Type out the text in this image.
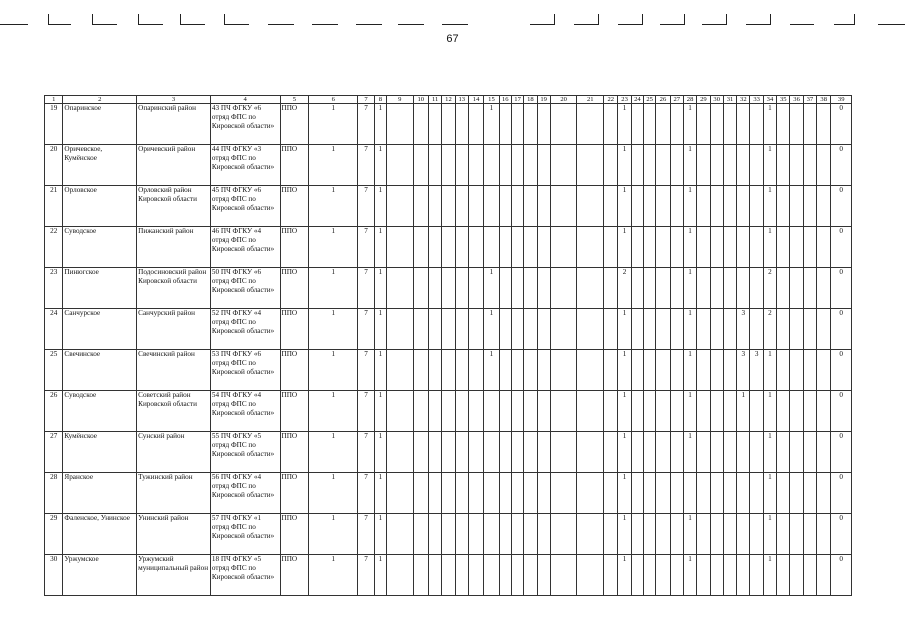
67
1	2	3	4	5	6	7	8	9	10	11	12	13	14	15	16	17	18	19	20	21	22	23	24	25	26	27	28	29	30	31	32	33	34	35	36	37	38	39
19	Опаринское	Опаринский район	43 ПЧ ФГКУ «6 отряд ФПС по Кировской области»	ППО	1	7	1							1								1					1						1					0
20	Оричевское, Кумёнское	Оричевский район	44 ПЧ ФГКУ «3 отряд ФПС по Кировской области»	ППО	1	7	1															1					1						1					0
21	Орловское	Орловский район Кировской области	45 ПЧ ФГКУ «6 отряд ФПС по Кировской области»	ППО	1	7	1															1					1						1					0
22	Суводское	Пижанский район	46 ПЧ ФГКУ «4 отряд ФПС по Кировской области»	ППО	1	7	1															1					1						1					0
23	Пинюгское	Подосиновский район Кировской области	50 ПЧ ФГКУ «6 отряд ФПС по Кировской области»	ППО	1	7	1							1								2					1						2					0
24	Санчурское	Санчурский район	52 ПЧ ФГКУ «4 отряд ФПС по Кировской области»	ППО	1	7	1							1								1					1				3		2					0
25	Свечинское	Свечинский район	53 ПЧ ФГКУ «6 отряд ФПС по Кировской области»	ППО	1	7	1							1								1					1				3	3	1					0
26	Суводское	Советский район Кировской области	54 ПЧ ФГКУ «4 отряд ФПС по Кировской области»	ППО	1	7	1															1					1				1		1					0
27	Кумёнское	Сунский район	55 ПЧ ФГКУ «5 отряд ФПС по Кировской области»	ППО	1	7	1															1					1						1					0
28	Яранское	Тужинский район	56 ПЧ ФГКУ «4 отряд ФПС по Кировской области»	ППО	1	7	1															1											1					0
29	Фаленское, Унинское	Унинский район	57 ПЧ ФГКУ «1 отряд ФПС по Кировской области»	ППО	1	7	1															1					1						1					0
30	Уржумское	Уржумский муниципальный район	18 ПЧ ФГКУ «5 отряд ФПС по Кировской области»	ППО	1	7	1															1					1						1					0
